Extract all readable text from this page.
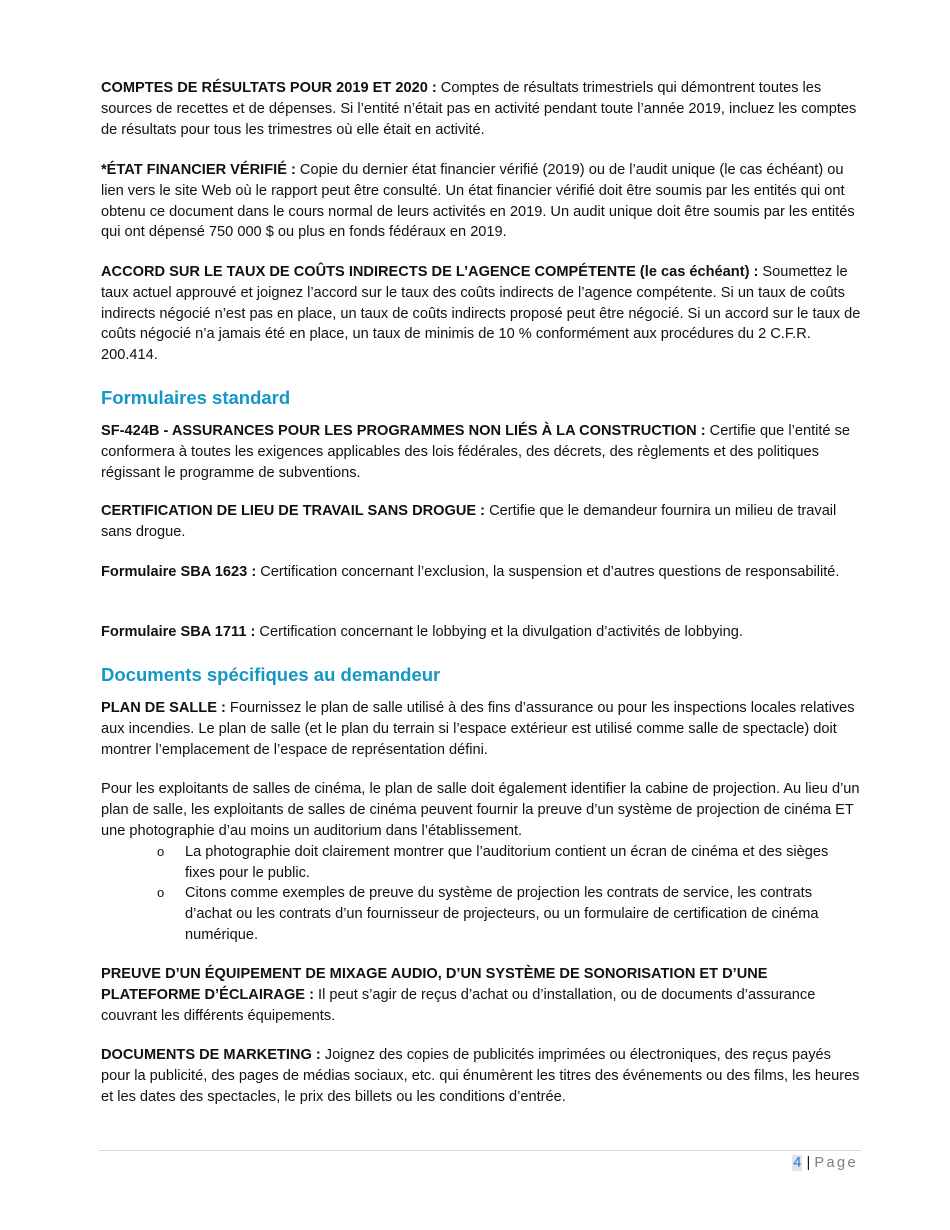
COMPTES DE RÉSULTATS POUR 2019 ET 2020 : Comptes de résultats trimestriels qui démontrent toutes les sources de recettes et de dépenses. Si l’entité n’était pas en activité pendant toute l’année 2019, incluez les comptes de résultats pour tous les trimestres où elle était en activité.

*ÉTAT FINANCIER VÉRIFIÉ : Copie du dernier état financier vérifié (2019) ou de l’audit unique (le cas échéant) ou lien vers le site Web où le rapport peut être consulté. Un état financier vérifié doit être soumis par les entités qui ont obtenu ce document dans le cours normal de leurs activités en 2019. Un audit unique doit être soumis par les entités qui ont dépensé 750 000 $ ou plus en fonds fédéraux en 2019.

ACCORD SUR LE TAUX DE COÛTS INDIRECTS DE L’AGENCE COMPÉTENTE (le cas échéant) : Soumettez le taux actuel approuvé et joignez l’accord sur le taux des coûts indirects de l’agence compétente. Si un taux de coûts indirects négocié n’est pas en place, un taux de coûts indirects proposé peut être négocié. Si un accord sur le taux de coûts négocié n’a jamais été en place, un taux de minimis de 10 % conformément aux procédures du 2 C.F.R. 200.414.

Formulaires standard

SF-424B - ASSURANCES POUR LES PROGRAMMES NON LIÉS À LA CONSTRUCTION : Certifie que l’entité se conformera à toutes les exigences applicables des lois fédérales, des décrets, des règlements et des politiques régissant le programme de subventions.

CERTIFICATION DE LIEU DE TRAVAIL SANS DROGUE : Certifie que le demandeur fournira un milieu de travail sans drogue.

Formulaire SBA 1623 : Certification concernant l’exclusion, la suspension et d’autres questions de responsabilité.

Formulaire SBA 1711 : Certification concernant le lobbying et la divulgation d’activités de lobbying.

Documents spécifiques au demandeur

PLAN DE SALLE : Fournissez le plan de salle utilisé à des fins d’assurance ou pour les inspections locales relatives aux incendies. Le plan de salle (et le plan du terrain si l’espace extérieur est utilisé comme salle de spectacle) doit montrer l’emplacement de l’espace de représentation défini.

Pour les exploitants de salles de cinéma, le plan de salle doit également identifier la cabine de projection. Au lieu d’un plan de salle, les exploitants de salles de cinéma peuvent fournir la preuve d’un système de projection de cinéma ET une photographie d’au moins un auditorium dans l’établissement.

o La photographie doit clairement montrer que l’auditorium contient un écran de cinéma et des sièges fixes pour le public.
o Citons comme exemples de preuve du système de projection les contrats de service, les contrats d’achat ou les contrats d’un fournisseur de projecteurs, ou un formulaire de certification de cinéma numérique.

PREUVE D’UN ÉQUIPEMENT DE MIXAGE AUDIO, D’UN SYSTÈME DE SONORISATION ET D’UNE PLATEFORME D’ÉCLAIRAGE : Il peut s’agir de reçus d’achat ou d’installation, ou de documents d’assurance couvrant les différents équipements.

DOCUMENTS DE MARKETING : Joignez des copies de publicités imprimées ou électroniques, des reçus payés pour la publicité, des pages de médias sociaux, etc. qui énumèrent les titres des événements ou des films, les heures et les dates des spectacles, le prix des billets ou les conditions d’entrée.

4 | Page
